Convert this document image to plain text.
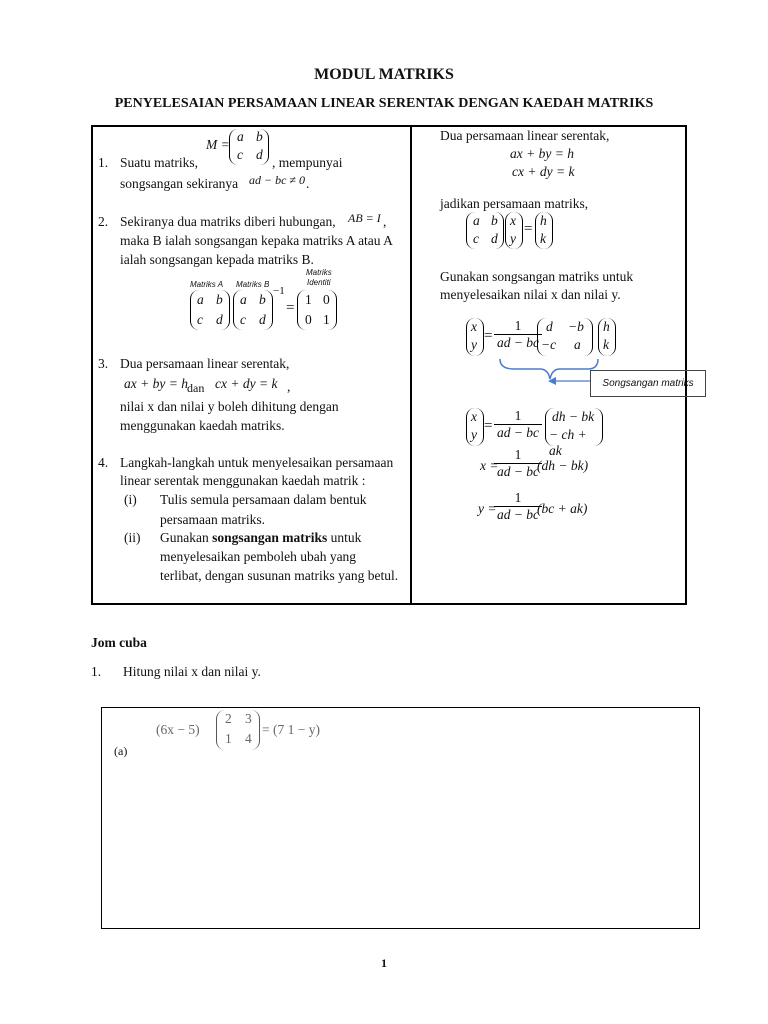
MODUL MATRIKS
PENYELESAIAN PERSAMAAN LINEAR SERENTAK DENGAN KAEDAH MATRIKS
M =
a b
c d
1. Suatu matriks,	, mempunyai
songsangan sekiranya ad − bc ≠ 0 .
2. Sekiranya dua matriks diberi hubungan, AB = I ,
maka B ialah songsangan kepaka matriks A atau A
ialah songsangan kepada matriks B.
Matriks A Matriks B
Matriks
Identiti
a b
c d
a b
c d
−1
=
1 0
0 1
3. Dua persamaan linear serentak,
ax + by = h dan cx + dy = k ,
nilai x dan nilai y boleh dihitung dengan
menggunakan kaedah matriks.
4. Langkah-langkah untuk menyelesaikan persamaan
linear serentak menggunakan kaedah matrik :
(i) Tulis semula persamaan dalam bentuk
persamaan matriks.
(ii) Gunakan songsangan matriks untuk
menyelesaikan pemboleh ubah yang
terlibat, dengan susunan matriks yang betul.
Dua persamaan linear serentak,
ax + by = h
cx + dy = k
jadikan persamaan matriks,
a b
c d
x
y
=
h
k
Gunakan songsangan matriks untuk
menyelesaikan nilai x dan nilai y.
x
y
= $\frac{1}{ad - bc}$ d −b
−c a
h
k
Songsangan matriks
x
y
= $\frac{1}{ad - bc}$ dh − bk
− ch + ak
x =
$\frac{1}{ad - bc}$
(dh − bk)
y =
$\frac{1}{ad - bc}$
(bc + ak)
Jom cuba
1. Hitung nilai x dan nilai y.
(6x − 5)
2 3
1 4
= (7 1 − y)
(a)
1
